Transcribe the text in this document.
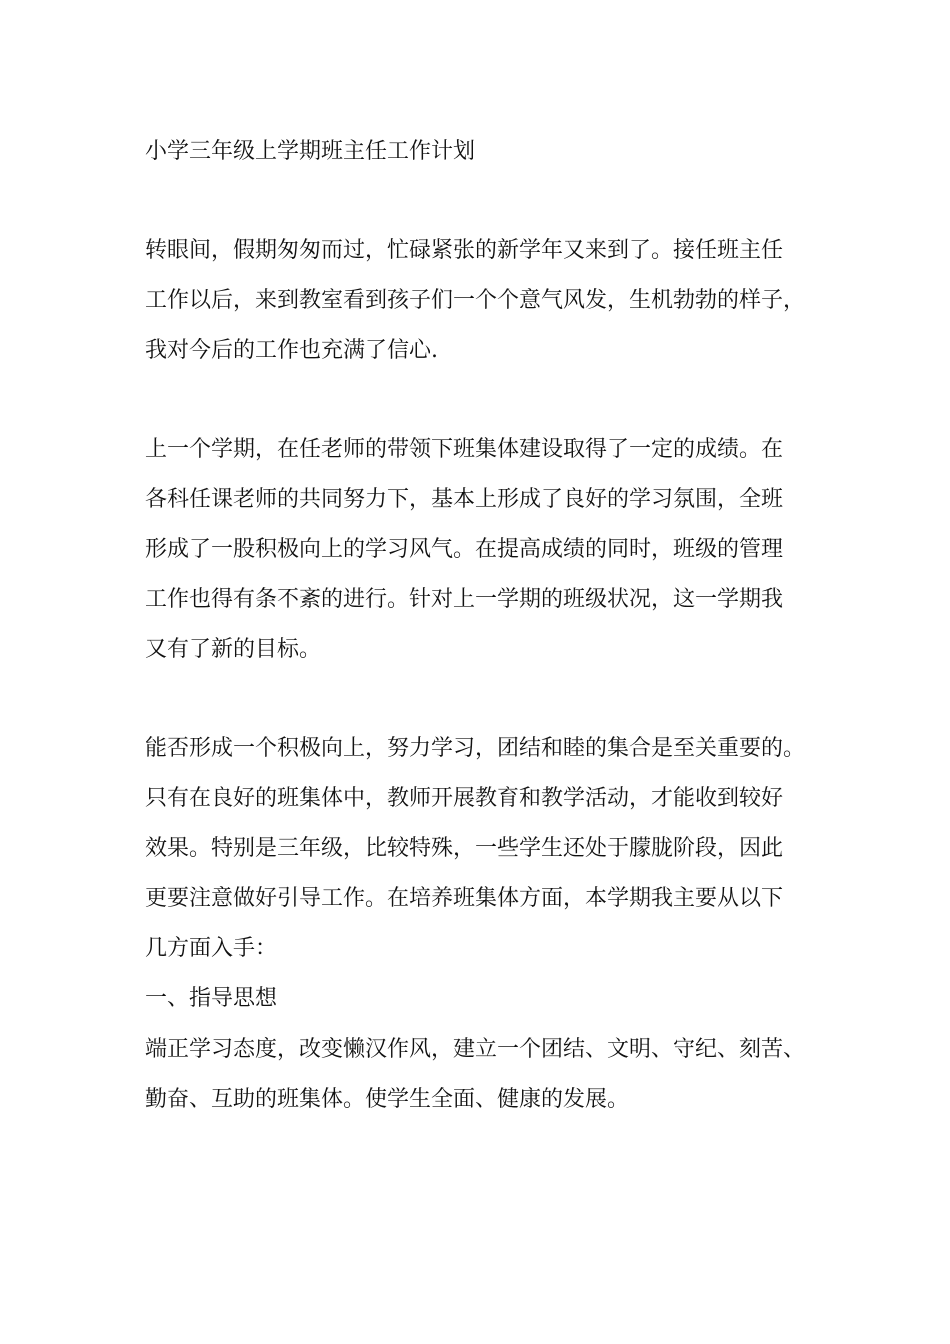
小学三年级上学期班主任工作计划
转眼间，假期匆匆而过，忙碌紧张的新学年又来到了。接任班主任
工作以后，来到教室看到孩子们一个个意气风发，生机勃勃的样子，
我对今后的工作也充满了信心.
上一个学期，在任老师的带领下班集体建设取得了一定的成绩。在
各科任课老师的共同努力下，基本上形成了良好的学习氛围，全班
形成了一股积极向上的学习风气。在提高成绩的同时，班级的管理
工作也得有条不紊的进行。针对上一学期的班级状况，这一学期我
又有了新的目标。
能否形成一个积极向上，努力学习，团结和睦的集合是至关重要的。
只有在良好的班集体中，教师开展教育和教学活动，才能收到较好
效果。特别是三年级，比较特殊，一些学生还处于朦胧阶段，因此
更要注意做好引导工作。在培养班集体方面，本学期我主要从以下
几方面入手：
一、指导思想
端正学习态度，改变懒汉作风，建立一个团结、文明、守纪、刻苦、
勤奋、互助的班集体。使学生全面、健康的发展。
